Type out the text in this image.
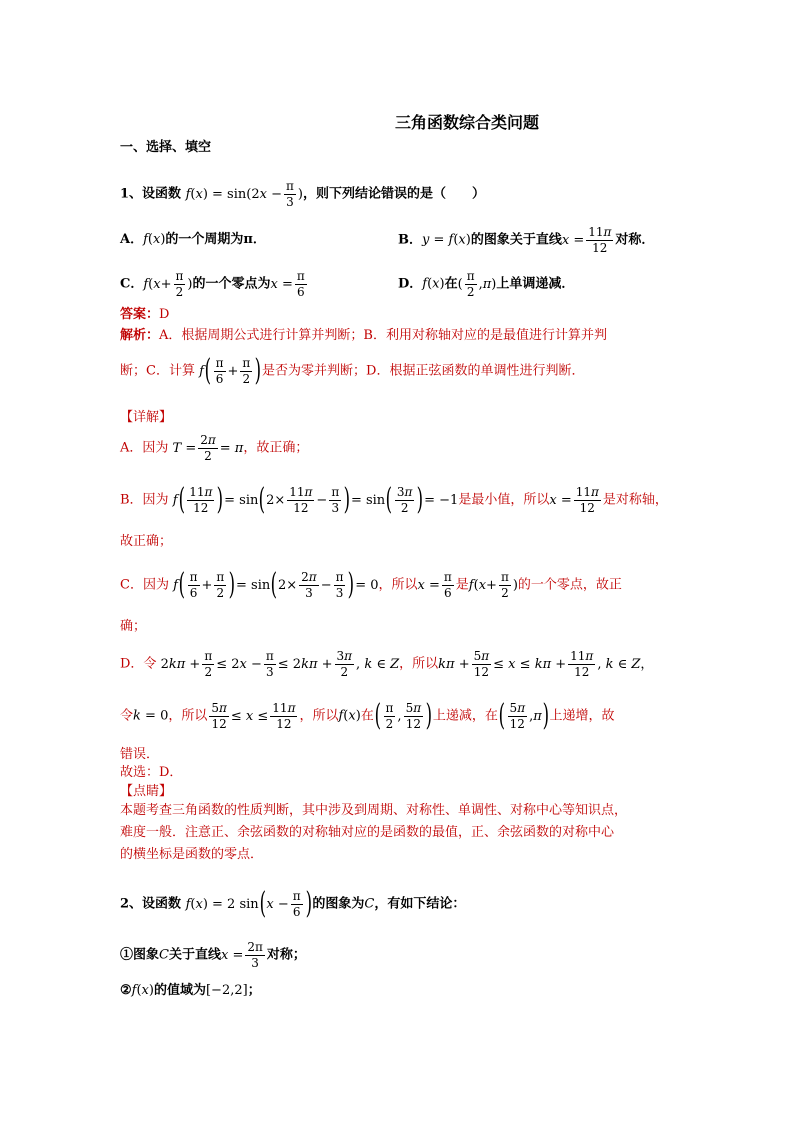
三角函数综合类问题
一、选择、填空
1、设函数 $f(x) = \sin(2x - \frac{\pi}{3}$ )，则下列结论错误的是（　　）
A．f(x)的一个周期为π．	B．y = f(x)的图象关于直线$x = \frac{11\pi}{12}$ 对称．
C．$f(x+ \frac{\pi}{2}$ )的一个零点为$x = \frac{\pi}{6}$	D．f(x)在( $\frac{\pi}{2} ,\pi$)上单调递减．
答案：D
解析：A．根据周期公式进行计算并判断；B．利用对称轴对应的是最值进行计算并判
断；C．计算 $f( \frac{\pi}{6} + \frac{\pi}{2}$ )是否为零并判断；D．根据正弦函数的单调性进行判断．
【详解】
A．因为 $T = \frac{2\pi}{2} = \pi$，故正确；
B．因为 $f( \frac{11\pi}{12}$ )= $\sin(2\times \frac{11\pi}{12} - \frac{\pi}{3}$ )= $\sin( \frac{3\pi}{2}$ )= −1是最小值，所以$x = \frac{11\pi}{12}$ 是对称轴，
故正确；
C．因为 $f( \frac{\pi}{6} + \frac{\pi}{2}$ )= $\sin(2\times \frac{2\pi}{3} - \frac{\pi}{3}$ )= 0，所以$x = \frac{\pi}{6}$ 是$f(x+ \frac{\pi}{2}$ )的一个零点，故正
确；
D．令 $2k\pi + \frac{\pi}{2} \le 2x - \frac{\pi}{3} \le 2k\pi + \frac{3\pi}{2}$ , k ∈ Z，所以$k\pi + \frac{5\pi}{12} \le x \le k\pi + \frac{11\pi}{12}$ , k ∈ Z，
令k = 0，所以 $\frac{5\pi}{12} \le x \le \frac{11\pi}{12}$ ，所以f(x)在( $\frac{\pi}{2}$ , $\frac{5\pi}{12}$ )上递减，在( $\frac{5\pi}{12} ,\pi$)上递增，故
错误．
故选：D．
【点睛】
本题考查三角函数的性质判断，其中涉及到周期、对称性、单调性、对称中心等知识点，
难度一般．注意正、余弦函数的对称轴对应的是函数的最值，正、余弦函数的对称中心
的横坐标是函数的零点．
2、设函数 f(x) = 2 $\sin(x - \frac{\pi}{6}$ )的图象为C，有如下结论：
①图象C关于直线$x = \frac{2\pi}{3}$ 对称；
②f(x)的值域为[−2,2]；
